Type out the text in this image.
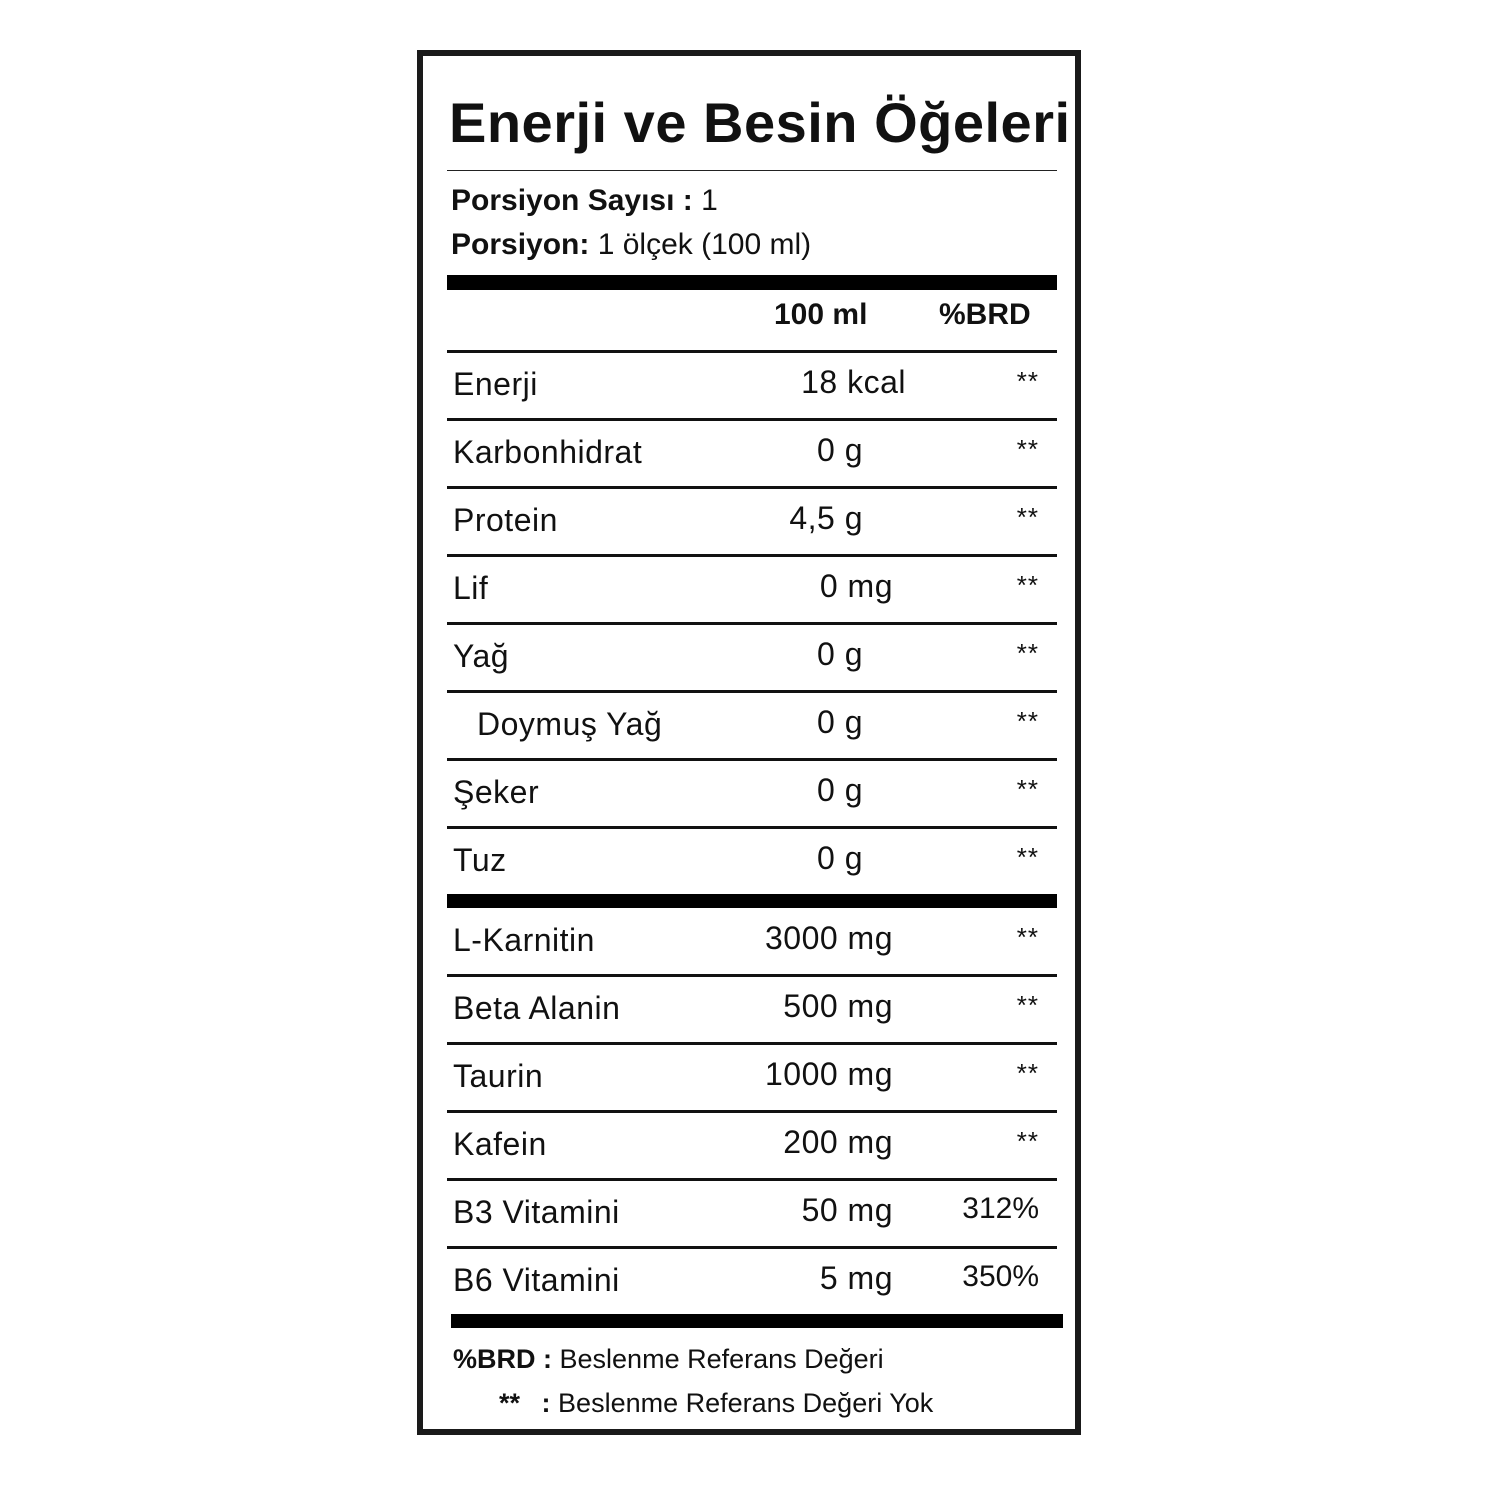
Enerji ve Besin Öğeleri
Porsiyon Sayısı : 1
Porsiyon: 1 ölçek (100 ml)
100 ml %BRD
Enerji	18 kcal	**
Karbonhidrat	0 g	**
Protein	4,5 g	**
Lif	0 mg	**
Yağ	0 g	**
Doymuş Yağ	0 g	**
Şeker	0 g	**
Tuz	0 g	**
L-Karnitin	3000 mg	**
Beta Alanin	500 mg	**
Taurin	1000 mg	**
Kafein	200 mg	**
B3 Vitamini	50 mg 312%
B6 Vitamini	5 mg 350%
%BRD : Beslenme Referans Değeri
** : Beslenme Referans Değeri Yok
